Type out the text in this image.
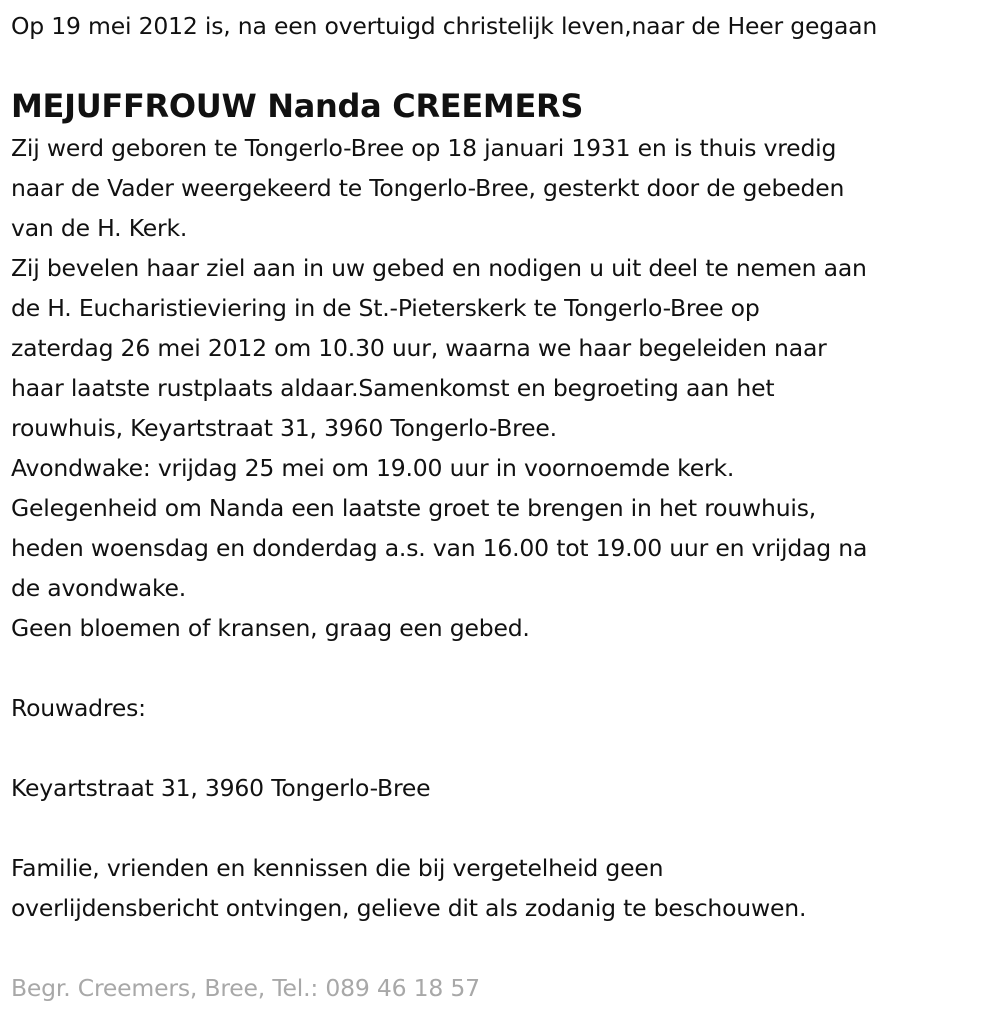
Op 19 mei 2012 is, na een overtuigd christelijk leven,naar de Heer gegaan
MEJUFFROUW Nanda CREEMERS
Zij werd geboren te Tongerlo-Bree op 18 januari 1931 en is thuis vredig
naar de Vader weergekeerd te Tongerlo-Bree, gesterkt door de gebeden
van de H. Kerk.
Zij bevelen haar ziel aan in uw gebed en nodigen u uit deel te nemen aan
de H. Eucharistieviering in de St.-Pieterskerk te Tongerlo-Bree op
zaterdag 26 mei 2012 om 10.30 uur, waarna we haar begeleiden naar
haar laatste rustplaats aldaar.Samenkomst en begroeting aan het
rouwhuis, Keyartstraat 31, 3960 Tongerlo-Bree.
Avondwake: vrijdag 25 mei om 19.00 uur in voornoemde kerk.
Gelegenheid om Nanda een laatste groet te brengen in het rouwhuis,
heden woensdag en donderdag a.s. van 16.00 tot 19.00 uur en vrijdag na
de avondwake.
Geen bloemen of kransen, graag een gebed.
Rouwadres:
Keyartstraat 31, 3960 Tongerlo-Bree
Familie, vrienden en kennissen die bij vergetelheid geen
overlijdensbericht ontvingen, gelieve dit als zodanig te beschouwen.
Begr. Creemers, Bree, Tel.: 089 46 18 57
